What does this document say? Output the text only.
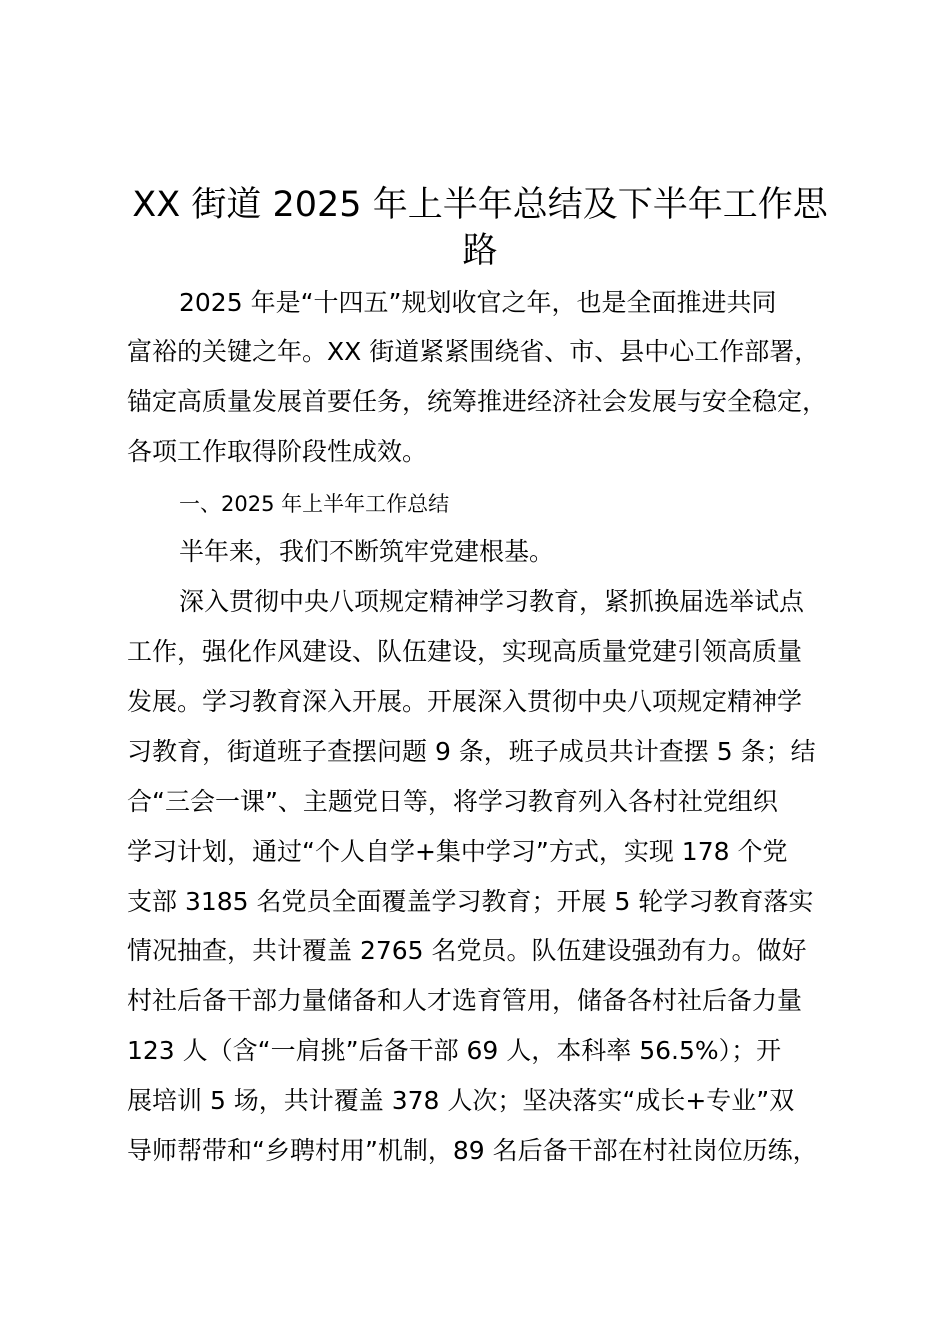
XX 街道 2025 年上半年总结及下半年工作思
路
2025 年是“十四五”规划收官之年，也是全面推进共同
富裕的关键之年。XX 街道紧紧围绕省、市、县中心工作部署，
锚定高质量发展首要任务，统筹推进经济社会发展与安全稳定，
各项工作取得阶段性成效。
一、2025 年上半年工作总结
半年来，我们不断筑牢党建根基。
深入贯彻中央八项规定精神学习教育，紧抓换届选举试点
工作，强化作风建设、队伍建设，实现高质量党建引领高质量
发展。学习教育深入开展。开展深入贯彻中央八项规定精神学
习教育，街道班子查摆问题 9 条，班子成员共计查摆 5 条；结
合“三会一课”、主题党日等，将学习教育列入各村社党组织
学习计划，通过“个人自学+集中学习”方式，实现 178 个党
支部 3185 名党员全面覆盖学习教育；开展 5 轮学习教育落实
情况抽查，共计覆盖 2765 名党员。队伍建设强劲有力。做好
村社后备干部力量储备和人才选育管用，储备各村社后备力量
123 人（含“一肩挑”后备干部 69 人，本科率 56.5%）；开
展培训 5 场，共计覆盖 378 人次；坚决落实“成长+专业”双
导师帮带和“乡聘村用”机制，89 名后备干部在村社岗位历练，
